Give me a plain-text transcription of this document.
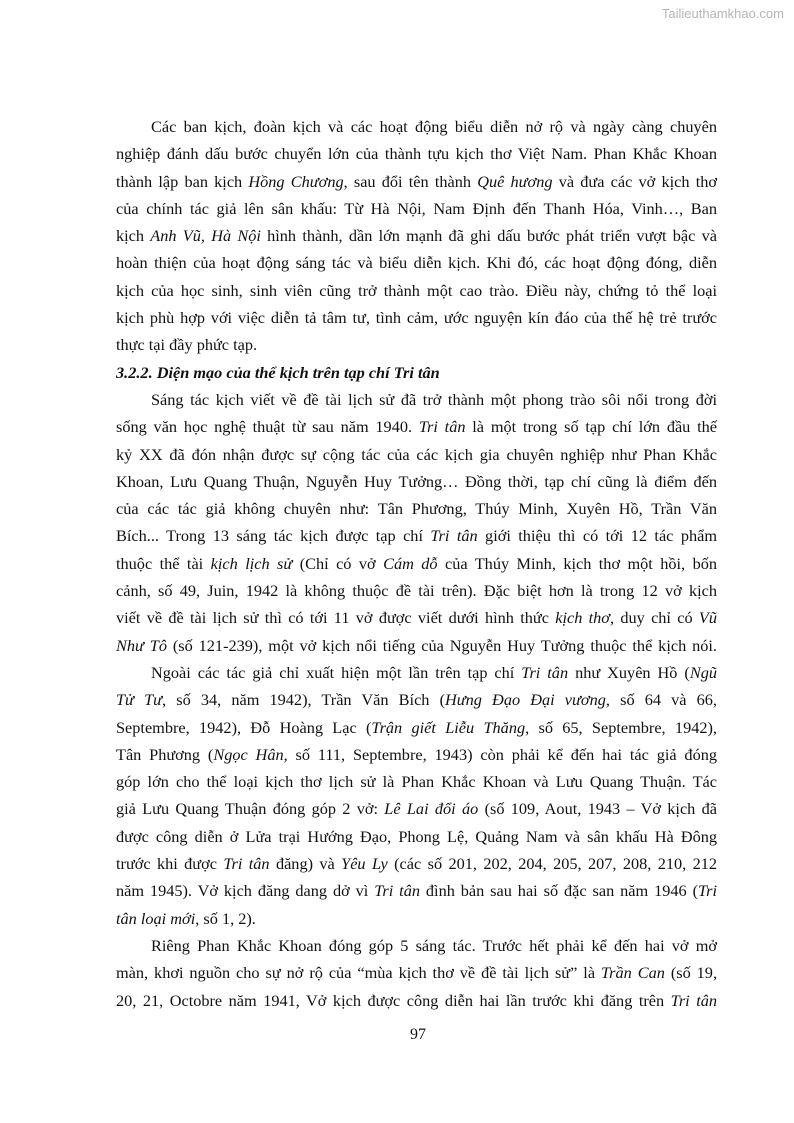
Tailieuthamkhao.com
Các ban kịch, đoàn kịch và các hoạt động biểu diễn nở rộ và ngày càng chuyên
nghiệp đánh dấu bước chuyển lớn của thành tựu kịch thơ Việt Nam. Phan Khắc Khoan
thành lập ban kịch Hồng Chương, sau đổi tên thành Quê hương và đưa các vở kịch thơ
của chính tác giả lên sân khấu: Từ Hà Nội, Nam Định đến Thanh Hóa, Vinh…, Ban
kịch Anh Vũ, Hà Nội hình thành, dần lớn mạnh đã ghi dấu bước phát triển vượt bậc và
hoàn thiện của hoạt động sáng tác và biểu diễn kịch. Khi đó, các hoạt động đóng, diễn
kịch của học sinh, sinh viên cũng trở thành một cao trào. Điều này, chứng tỏ thể loại
kịch phù hợp với việc diễn tả tâm tư, tình cảm, ước nguyện kín đáo của thế hệ trẻ trước
thực tại đầy phức tạp.
3.2.2. Diện mạo của thể kịch trên tạp chí Tri tân
Sáng tác kịch viết về đề tài lịch sử đã trở thành một phong trào sôi nổi trong đời
sống văn học nghệ thuật từ sau năm 1940. Tri tân là một trong số tạp chí lớn đầu thế
kỷ XX đã đón nhận được sự cộng tác của các kịch gia chuyên nghiệp như Phan Khắc
Khoan, Lưu Quang Thuận, Nguyễn Huy Tưởng… Đồng thời, tạp chí cũng là điểm đến
của các tác giả không chuyên như: Tân Phương, Thúy Minh, Xuyên Hồ, Trần Văn
Bích... Trong 13 sáng tác kịch được tạp chí Tri tân giới thiệu thì có tới 12 tác phẩm
thuộc thể tài kịch lịch sử (Chỉ có vở Cám dỗ của Thúy Minh, kịch thơ một hồi, bốn
cảnh, số 49, Juin, 1942 là không thuộc đề tài trên). Đặc biệt hơn là trong 12 vở kịch
viết về đề tài lịch sử thì có tới 11 vở được viết dưới hình thức kịch thơ, duy chỉ có Vũ
Như Tô (số 121-239), một vở kịch nổi tiếng của Nguyễn Huy Tưởng thuộc thể kịch nói.
Ngoài các tác giả chỉ xuất hiện một lần trên tạp chí Tri tân như Xuyên Hồ (Ngũ
Tử Tư, số 34, năm 1942), Trần Văn Bích (Hưng Đạo Đại vương, số 64 và 66,
Septembre, 1942), Đỗ Hoàng Lạc (Trận giết Liễu Thăng, số 65, Septembre, 1942),
Tân Phương (Ngọc Hân, số 111, Septembre, 1943) còn phải kể đến hai tác giả đóng
góp lớn cho thể loại kịch thơ lịch sử là Phan Khắc Khoan và Lưu Quang Thuận. Tác
giả Lưu Quang Thuận đóng góp 2 vở: Lê Lai đổi áo (số 109, Aout, 1943 – Vở kịch đã
được công diễn ở Lửa trại Hướng Đạo, Phong Lệ, Quảng Nam và sân khấu Hà Đông
trước khi được Tri tân đăng) và Yêu Ly (các số 201, 202, 204, 205, 207, 208, 210, 212
năm 1945). Vở kịch đăng dang dở vì Tri tân đình bản sau hai số đặc san năm 1946 (Tri
tân loại mới, số 1, 2).
Riêng Phan Khắc Khoan đóng góp 5 sáng tác. Trước hết phải kể đến hai vở mở
màn, khơi nguồn cho sự nở rộ của “mùa kịch thơ về đề tài lịch sử” là Trần Can (số 19,
20, 21, Octobre năm 1941, Vở kịch được công diễn hai lần trước khi đăng trên Tri tân
97
